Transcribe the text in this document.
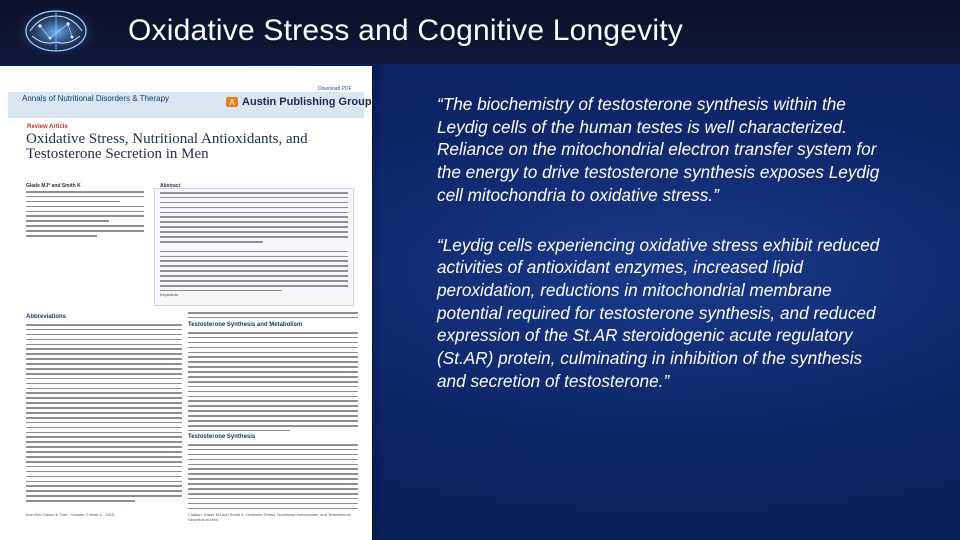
Oxidative Stress and Cognitive Longevity
Annals of Nutritional Disorders & Therapy
Download PDF
A Austin Publishing Group
Review Article
Oxidative Stress, Nutritional Antioxidants, and Testosterone Secretion in Men
Glade MJ* and Smith K	Abstract
Keywords:
Abbreviations
Testosterone Synthesis and Metabolism
Testosterone Synthesis
Ann Nutr Disord & Ther - Volume 2 Issue 1 - 2015	Citation: Glade MJ and Smith K. Oxidative Stress, Nutritional Antioxidants, and Testosterone Secretion in Men.
“The biochemistry of testosterone synthesis within the Leydig cells of the human testes is well characterized. Reliance on the mitochondrial electron transfer system for the energy to drive testosterone synthesis exposes Leydig cell mitochondria to oxidative stress.”
“Leydig cells experiencing oxidative stress exhibit reduced activities of antioxidant enzymes, increased lipid peroxidation, reductions in mitochondrial membrane potential required for testosterone synthesis, and reduced expression of the St.AR steroidogenic acute regulatory (St.AR) protein, culminating in inhibition of the synthesis and secretion of testosterone.”
